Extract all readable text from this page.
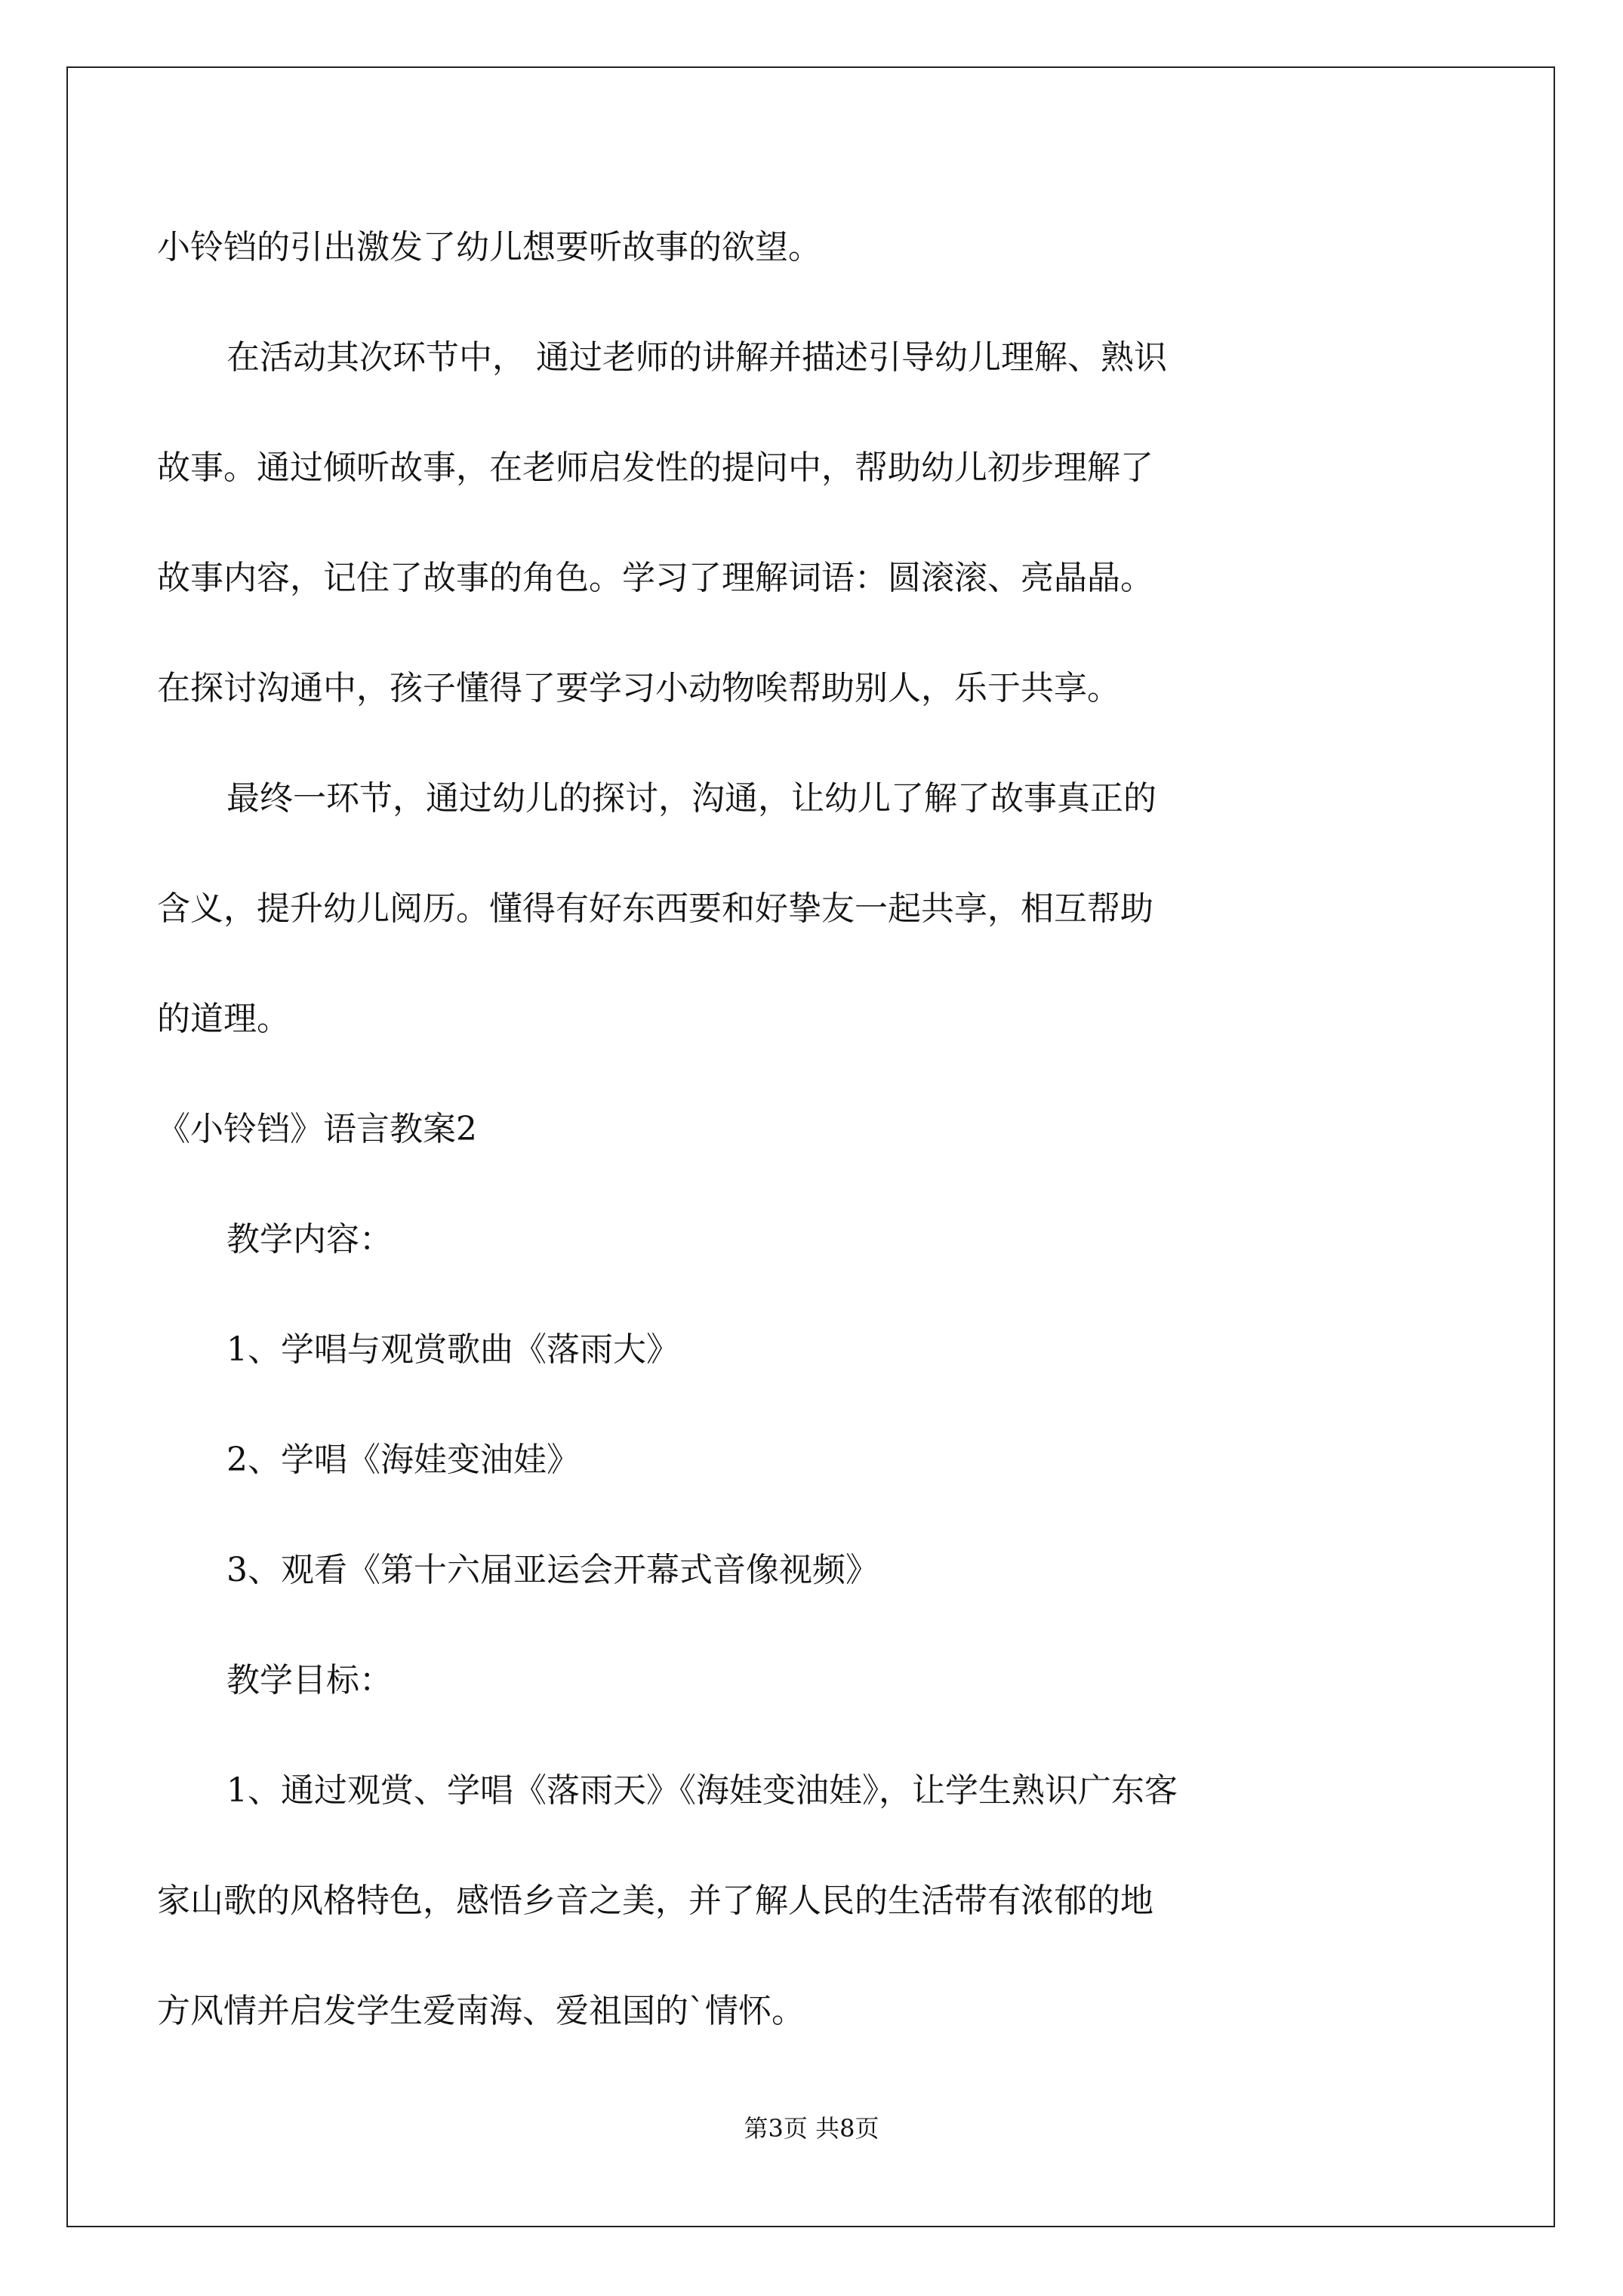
小铃铛的引出激发了幼儿想要听故事的欲望。
在活动其次环节中， 通过老师的讲解并描述引导幼儿理解、熟识
故事。通过倾听故事，在老师启发性的提问中，帮助幼儿初步理解了
故事内容，记住了故事的角色。学习了理解词语：圆滚滚、亮晶晶。
在探讨沟通中，孩子懂得了要学习小动物唉帮助别人，乐于共享。
最终一环节，通过幼儿的探讨，沟通，让幼儿了解了故事真正的
含义，提升幼儿阅历。懂得有好东西要和好挚友一起共享，相互帮助
的道理。
《小铃铛》语言教案2
教学内容：
1、学唱与观赏歌曲《落雨大》
2、学唱《海娃变油娃》
3、观看《第十六届亚运会开幕式音像视频》
教学目标：
1、通过观赏、学唱《落雨天》《海娃变油娃》，让学生熟识广东客
家山歌的风格特色，感悟乡音之美，并了解人民的生活带有浓郁的地
方风情并启发学生爱南海、爱祖国的`情怀。
第3页 共8页
